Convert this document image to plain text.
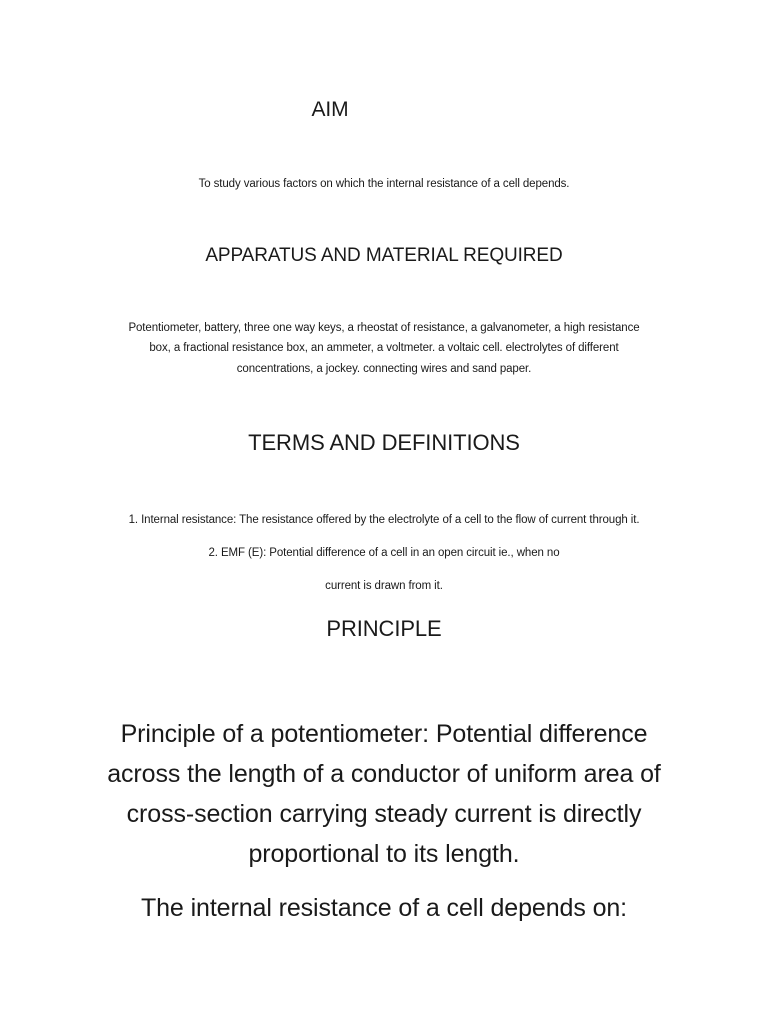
AIM
To study various factors on which the internal resistance of a cell depends.
APPARATUS AND MATERIAL REQUIRED
Potentiometer, battery, three one way keys, a rheostat of resistance, a galvanometer, a high resistance
box, a fractional resistance box, an ammeter, a voltmeter. a voltaic cell. electrolytes of different
concentrations, a jockey. connecting wires and sand paper.
TERMS AND DEFINITIONS
1. Internal resistance: The resistance offered by the electrolyte of a cell to the flow of current through it.
2. EMF (E): Potential difference of a cell in an open circuit ie., when no
current is drawn from it.
PRINCIPLE
Principle of a potentiometer: Potential difference
across the length of a conductor of uniform area of
cross-section carrying steady current is directly
proportional to its length.
The internal resistance of a cell depends on:
